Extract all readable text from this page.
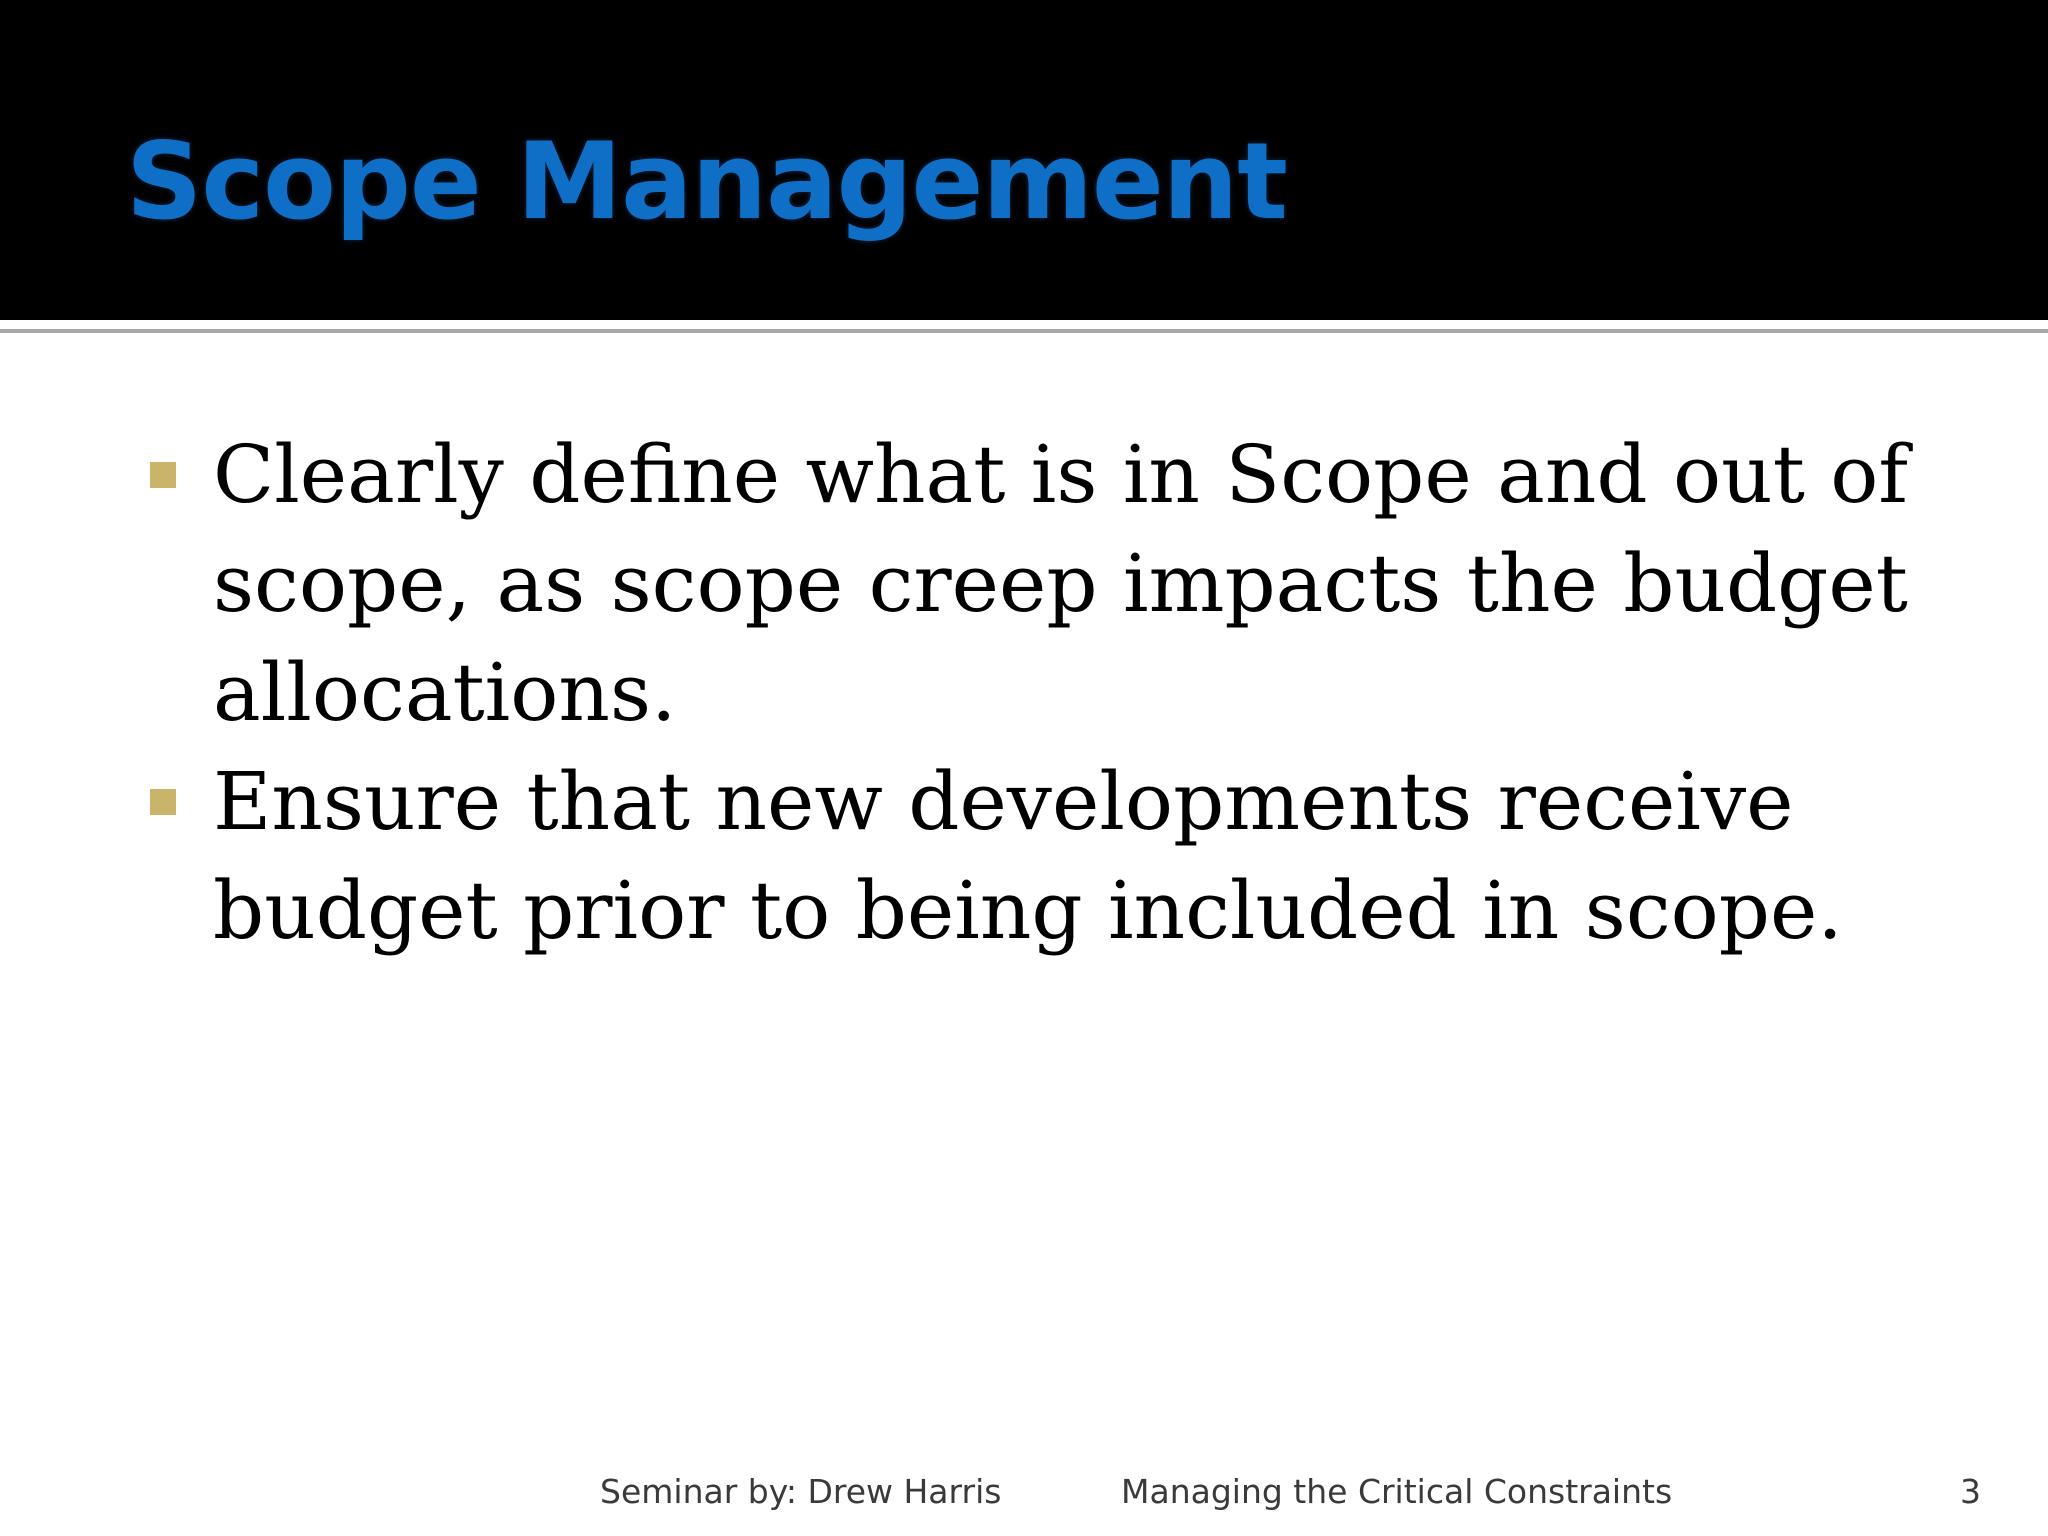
Scope Management
Clearly define what is in Scope and out of scope, as scope creep impacts the budget allocations.
Ensure that new developments receive budget prior to being included in scope.
Seminar by: Drew Harris	Managing the Critical Constraints	3
